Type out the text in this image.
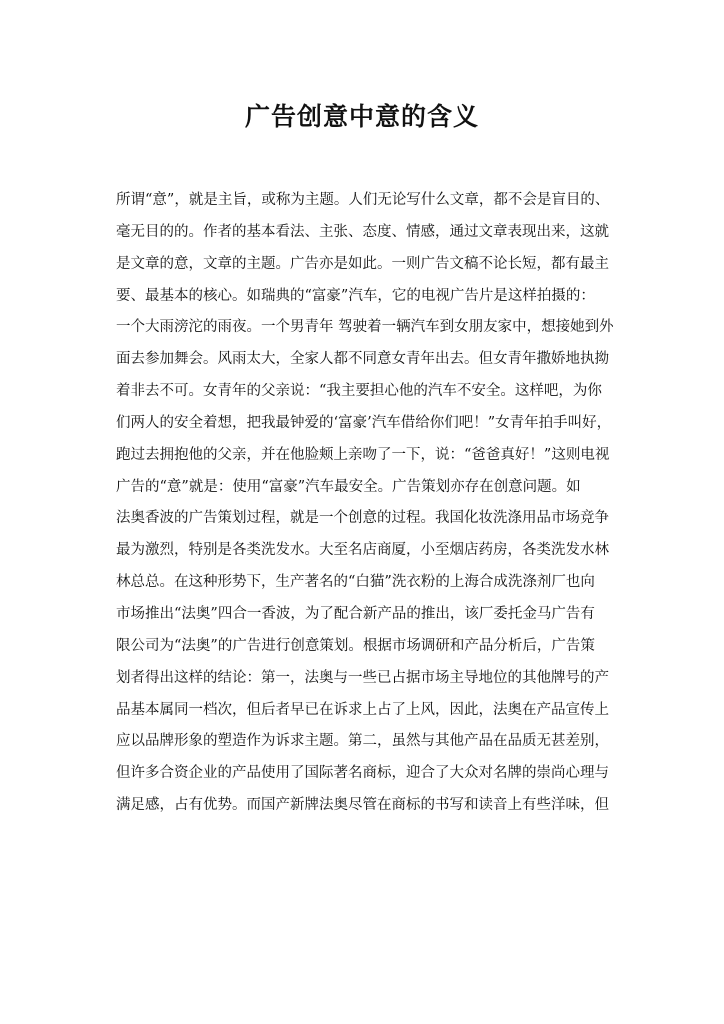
广告创意中意的含义
所谓“意”，就是主旨，或称为主题。人们无论写什么文章，都不会是盲目的、
毫无目的的。作者的基本看法、主张、态度、情感，通过文章表现出来，这就
是文章的意，文章的主题。广告亦是如此。一则广告文稿不论长短，都有最主
要、最基本的核心。如瑞典的“富豪”汽车，它的电视广告片是这样拍摄的：
一个大雨滂沱的雨夜。一个男青年 驾驶着一辆汽车到女朋友家中，想接她到外
面去参加舞会。风雨太大，全家人都不同意女青年出去。但女青年撒娇地执拗
着非去不可。女青年的父亲说：“我主要担心他的汽车不安全。这样吧，为你
们两人的安全着想，把我最钟爱的‘富豪’汽车借给你们吧！”女青年拍手叫好，
跑过去拥抱他的父亲，并在他脸颊上亲吻了一下，说：“爸爸真好！”这则电视
广告的“意”就是：使用“富豪”汽车最安全。广告策划亦存在创意问题。如
法奥香波的广告策划过程，就是一个创意的过程。我国化妆洗涤用品市场竞争
最为激烈，特别是各类洗发水。大至名店商厦，小至烟店药房，各类洗发水林
林总总。在这种形势下，生产著名的“白猫”洗衣粉的上海合成洗涤剂厂也向
市场推出“法奥”四合一香波，为了配合新产品的推出，该厂委托金马广告有
限公司为“法奥”的广告进行创意策划。根据市场调研和产品分析后，广告策
划者得出这样的结论：第一，法奥与一些已占据市场主导地位的其他牌号的产
品基本属同一档次，但后者早已在诉求上占了上风，因此，法奥在产品宣传上
应以品牌形象的塑造作为诉求主题。第二，虽然与其他产品在品质无甚差别，
但许多合资企业的产品使用了国际著名商标，迎合了大众对名牌的崇尚心理与
满足感，占有优势。而国产新牌法奥尽管在商标的书写和读音上有些洋味，但
